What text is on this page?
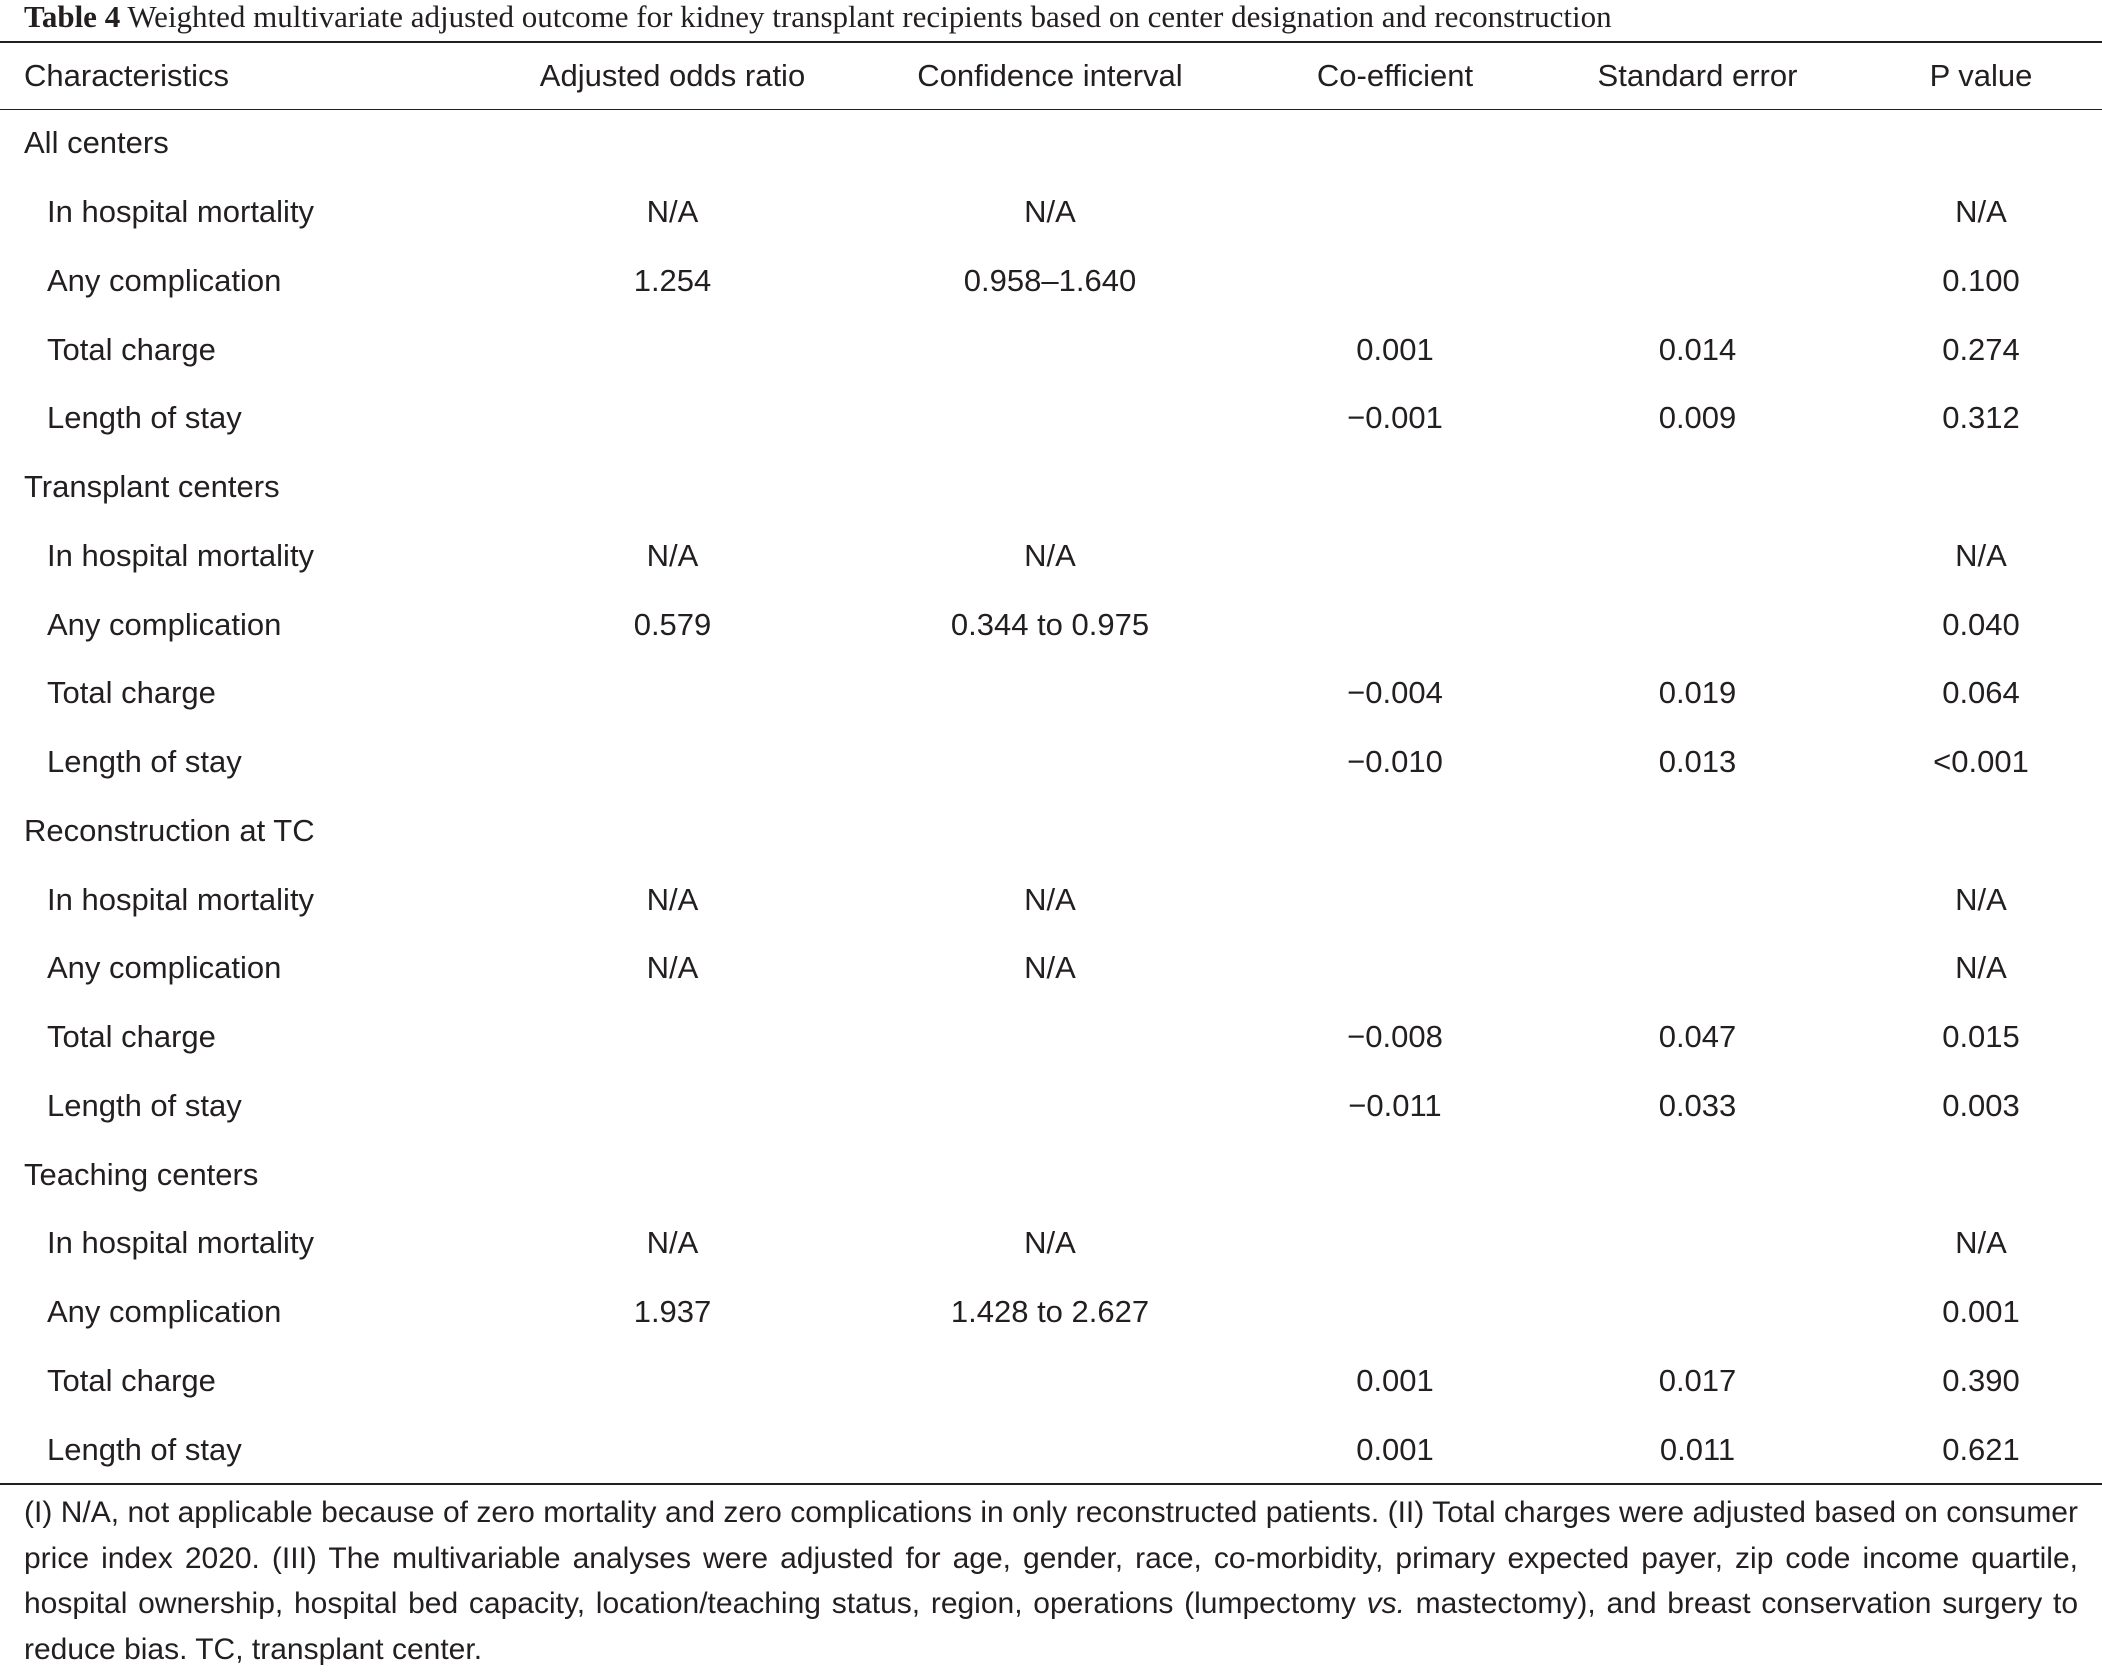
Table 4 Weighted multivariate adjusted outcome for kidney transplant recipients based on center designation and reconstruction
Characteristics	Adjusted odds ratio	Confidence interval	Co-efficient	Standard error	P value
All centers					
In hospital mortality	N/A	N/A			N/A
Any complication	1.254	0.958–1.640			0.100
Total charge			0.001	0.014	0.274
Length of stay			−0.001	0.009	0.312
Transplant centers					
In hospital mortality	N/A	N/A			N/A
Any complication	0.579	0.344 to 0.975			0.040
Total charge			−0.004	0.019	0.064
Length of stay			−0.010	0.013	<0.001
Reconstruction at TC					
In hospital mortality	N/A	N/A			N/A
Any complication	N/A	N/A			N/A
Total charge			−0.008	0.047	0.015
Length of stay			−0.011	0.033	0.003
Teaching centers					
In hospital mortality	N/A	N/A			N/A
Any complication	1.937	1.428 to 2.627			0.001
Total charge			0.001	0.017	0.390
Length of stay			0.001	0.011	0.621
(I) N/A, not applicable because of zero mortality and zero complications in only reconstructed patients. (II) Total charges were adjusted based on consumer price index 2020. (III) The multivariable analyses were adjusted for age, gender, race, co-morbidity, primary expected payer, zip code income quartile, hospital ownership, hospital bed capacity, location/teaching status, region, operations (lumpectomy vs. mastectomy), and breast conservation surgery to reduce bias. TC, transplant center.
